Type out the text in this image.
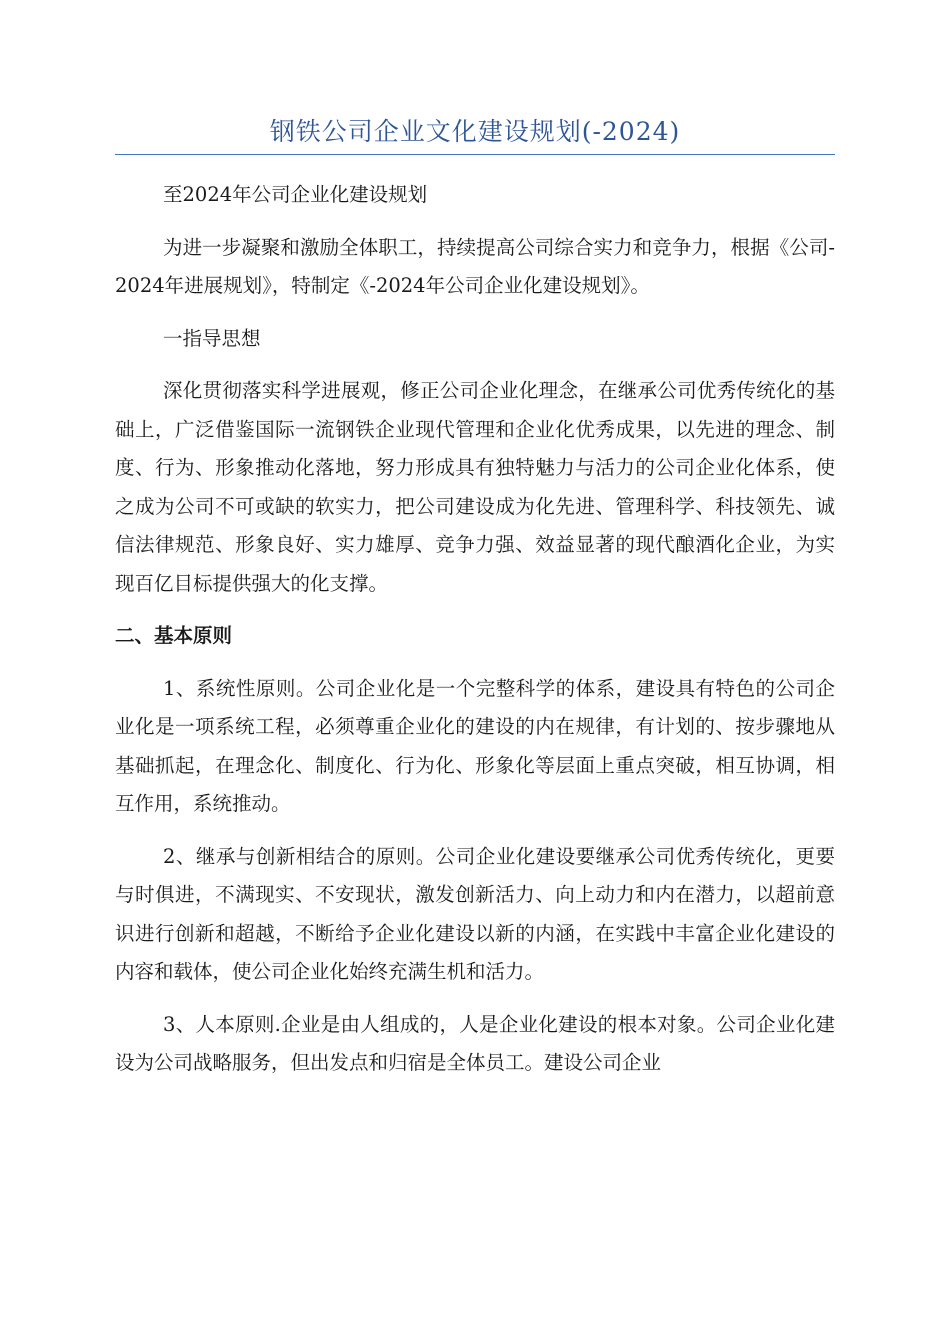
钢铁公司企业文化建设规划(-2024)

至2024年公司企业化建设规划

为进一步凝聚和激励全体职工，持续提高公司综合实力和竞争力，根据《公司-2024年进展规划》，特制定《-2024年公司企业化建设规划》。

一指导思想

深化贯彻落实科学进展观，修正公司企业化理念，在继承公司优秀传统化的基础上，广泛借鉴国际一流钢铁企业现代管理和企业化优秀成果，以先进的理念、制度、行为、形象推动化落地，努力形成具有独特魅力与活力的公司企业化体系，使之成为公司不可或缺的软实力，把公司建设成为化先进、管理科学、科技领先、诚信法律规范、形象良好、实力雄厚、竞争力强、效益显著的现代酿酒化企业，为实现百亿目标提供强大的化支撑。

二、基本原则

1、系统性原则。公司企业化是一个完整科学的体系，建设具有特色的公司企业化是一项系统工程，必须尊重企业化的建设的内在规律，有计划的、按步骤地从基础抓起，在理念化、制度化、行为化、形象化等层面上重点突破，相互协调，相互作用，系统推动。

2、继承与创新相结合的原则。公司企业化建设要继承公司优秀传统化，更要与时俱进，不满现实、不安现状，激发创新活力、向上动力和内在潜力，以超前意识进行创新和超越，不断给予企业化建设以新的内涵，在实践中丰富企业化建设的内容和载体，使公司企业化始终充满生机和活力。

3、人本原则.企业是由人组成的，人是企业化建设的根本对象。公司企业化建设为公司战略服务，但出发点和归宿是全体员工。建设公司企业
